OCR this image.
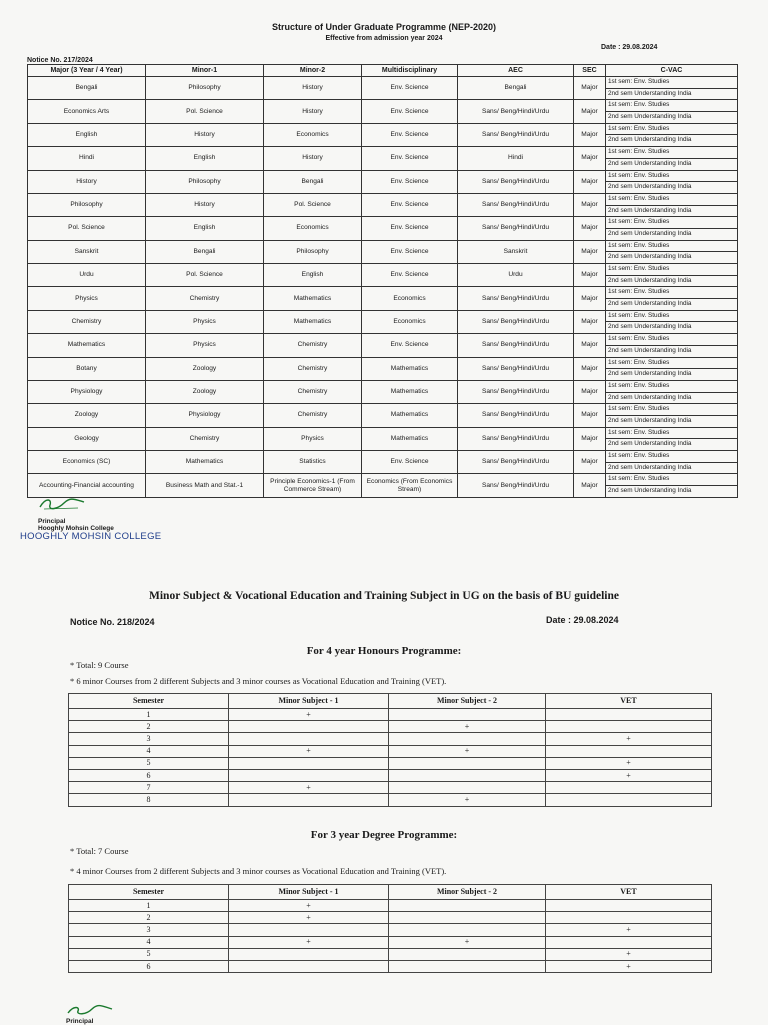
Structure of Under Graduate Programme (NEP-2020)
Effective from admission year 2024
Date : 29.08.2024
Notice No. 217/2024
Major (3 Year / 4 Year)	Minor-1	Minor-2	Multidisciplinary	AEC	SEC	C-VAC
Bengali	Philosophy	History	Env. Science	Bengali	Major	1st sem: Env. Studies
2nd sem Understanding India

Economics Arts	Pol. Science	History	Env. Science	Sans/ Beng/Hindi/Urdu	Major	1st sem: Env. Studies
2nd sem Understanding India

English	History	Economics	Env. Science	Sans/ Beng/Hindi/Urdu	Major	1st sem: Env. Studies
2nd sem Understanding India

Hindi	English	History	Env. Science	Hindi	Major	1st sem: Env. Studies
2nd sem Understanding India

History	Philosophy	Bengali	Env. Science	Sans/ Beng/Hindi/Urdu	Major	1st sem: Env. Studies
2nd sem Understanding India

Philosophy	History	Pol. Science	Env. Science	Sans/ Beng/Hindi/Urdu	Major	1st sem: Env. Studies
2nd sem Understanding India

Pol. Science	English	Economics	Env. Science	Sans/ Beng/Hindi/Urdu	Major	1st sem: Env. Studies
2nd sem Understanding India

Sanskrit	Bengali	Philosophy	Env. Science	Sanskrit	Major	1st sem: Env. Studies
2nd sem Understanding India

Urdu	Pol. Science	English	Env. Science	Urdu	Major	1st sem: Env. Studies
2nd sem Understanding India

Physics	Chemistry	Mathematics	Economics	Sans/ Beng/Hindi/Urdu	Major	1st sem: Env. Studies
2nd sem Understanding India

Chemistry	Physics	Mathematics	Economics	Sans/ Beng/Hindi/Urdu	Major	1st sem: Env. Studies
2nd sem Understanding India

Mathematics	Physics	Chemistry	Env. Science	Sans/ Beng/Hindi/Urdu	Major	1st sem: Env. Studies
2nd sem Understanding India

Botany	Zoology	Chemistry	Mathematics	Sans/ Beng/Hindi/Urdu	Major	1st sem: Env. Studies
2nd sem Understanding India

Physiology	Zoology	Chemistry	Mathematics	Sans/ Beng/Hindi/Urdu	Major	1st sem: Env. Studies
2nd sem Understanding India

Zoology	Physiology	Chemistry	Mathematics	Sans/ Beng/Hindi/Urdu	Major	1st sem: Env. Studies
2nd sem Understanding India

Geology	Chemistry	Physics	Mathematics	Sans/ Beng/Hindi/Urdu	Major	1st sem: Env. Studies
2nd sem Understanding India

Economics (SC)	Mathematics	Statistics	Env. Science	Sans/ Beng/Hindi/Urdu	Major	1st sem: Env. Studies
2nd sem Understanding India

Accounting-Financial accounting	Business Math and Stat.-1	Principle Economics-1 (From Commerce Stream)	Economics (From Economics Stream)	Sans/ Beng/Hindi/Urdu	Major	1st sem: Env. Studies
2nd sem Understanding India
Principal
Hooghly Mohsin College
HOOGHLY MOHSIN COLLEGE
Minor Subject & Vocational Education and Training Subject in UG on the basis of BU guideline
Notice No. 218/2024	Date : 29.08.2024
For 4 year Honours Programme:
* Total: 9 Course
* 6 minor Courses from 2 different Subjects and 3 minor courses as Vocational Education and Training (VET).
Semester	Minor Subject - 1	Minor Subject - 2	VET
1	+		
2		+	
3			+
4	+	+	
5			+
6			+
7	+		
8		+	
For 3 year Degree Programme:
* Total: 7 Course
* 4 minor Courses from 2 different Subjects and 3 minor courses as Vocational Education and Training (VET).
Semester	Minor Subject - 1	Minor Subject - 2	VET
1	+		
2	+		
3			+
4	+	+	
5			+
6			+
Principal
